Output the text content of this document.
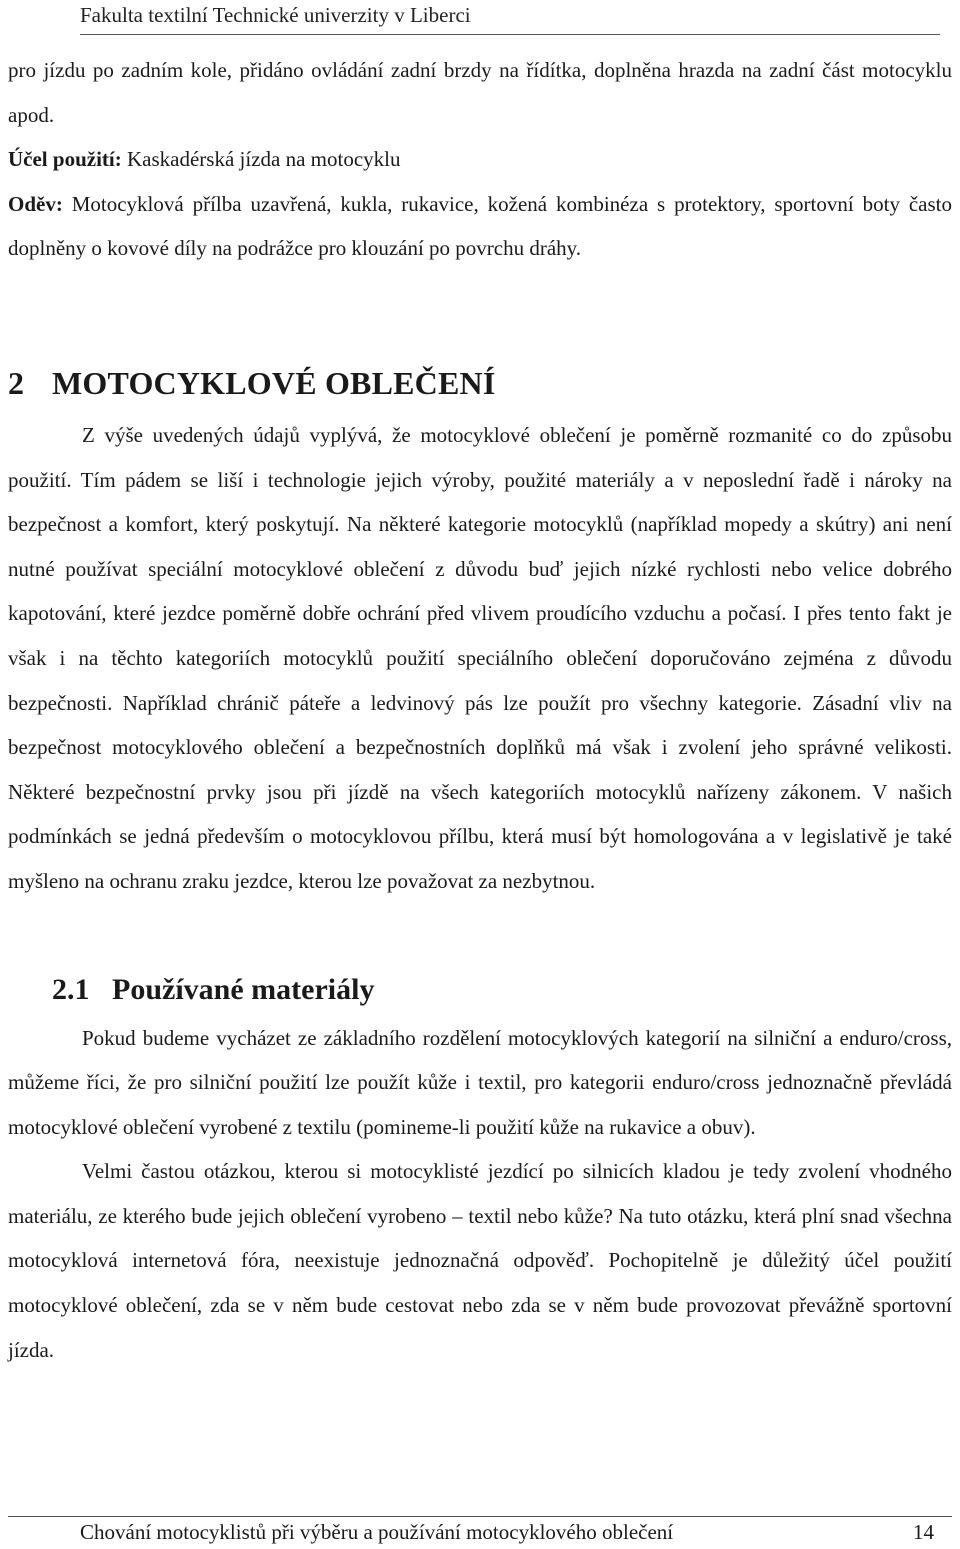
Fakulta textilní Technické univerzity v Liberci

pro jízdu po zadním kole, přidáno ovládání zadní brzdy na řídítka, doplněna hrazda na zadní část motocyklu apod.

Účel použití: Kaskadérská jízda na motocyklu

Oděv: Motocyklová přílba uzavřená, kukla, rukavice, kožená kombinéza s protektory, sportovní boty často doplněny o kovové díly na podrážce pro klouzání po povrchu dráhy.

2 MOTOCYKLOVÉ OBLEČENÍ

Z výše uvedených údajů vyplývá, že motocyklové oblečení je poměrně rozmanité co do způsobu použití. Tím pádem se liší i technologie jejich výroby, použité materiály a v neposlední řadě i nároky na bezpečnost a komfort, který poskytují. Na některé kategorie motocyklů (například mopedy a skútry) ani není nutné používat speciální motocyklové oblečení z důvodu buď jejich nízké rychlosti nebo velice dobrého kapotování, které jezdce poměrně dobře ochrání před vlivem proudícího vzduchu a počasí. I přes tento fakt je však i na těchto kategoriích motocyklů použití speciálního oblečení doporučováno zejména z důvodu bezpečnosti. Například chránič páteře a ledvinový pás lze použít pro všechny kategorie. Zásadní vliv na bezpečnost motocyklového oblečení a bezpečnostních doplňků má však i zvolení jeho správné velikosti. Některé bezpečnostní prvky jsou při jízdě na všech kategoriích motocyklů nařízeny zákonem. V našich podmínkách se jedná především o motocyklovou přílbu, která musí být homologována a v legislativě je také myšleno na ochranu zraku jezdce, kterou lze považovat za nezbytnou.

2.1 Používané materiály

Pokud budeme vycházet ze základního rozdělení motocyklových kategorií na silniční a enduro/cross, můžeme říci, že pro silniční použití lze použít kůže i textil, pro kategorii enduro/cross jednoznačně převládá motocyklové oblečení vyrobené z textilu (pomineme-li použití kůže na rukavice a obuv).

Velmi častou otázkou, kterou si motocyklisté jezdící po silnicích kladou je tedy zvolení vhodného materiálu, ze kterého bude jejich oblečení vyrobeno – textil nebo kůže? Na tuto otázku, která plní snad všechna motocyklová internetová fóra, neexistuje jednoznačná odpověď. Pochopitelně je důležitý účel použití motocyklové oblečení, zda se v něm bude cestovat nebo zda se v něm bude provozovat převážně sportovní jízda.

Chování motocyklistů při výběru a používání motocyklového oblečení	14
